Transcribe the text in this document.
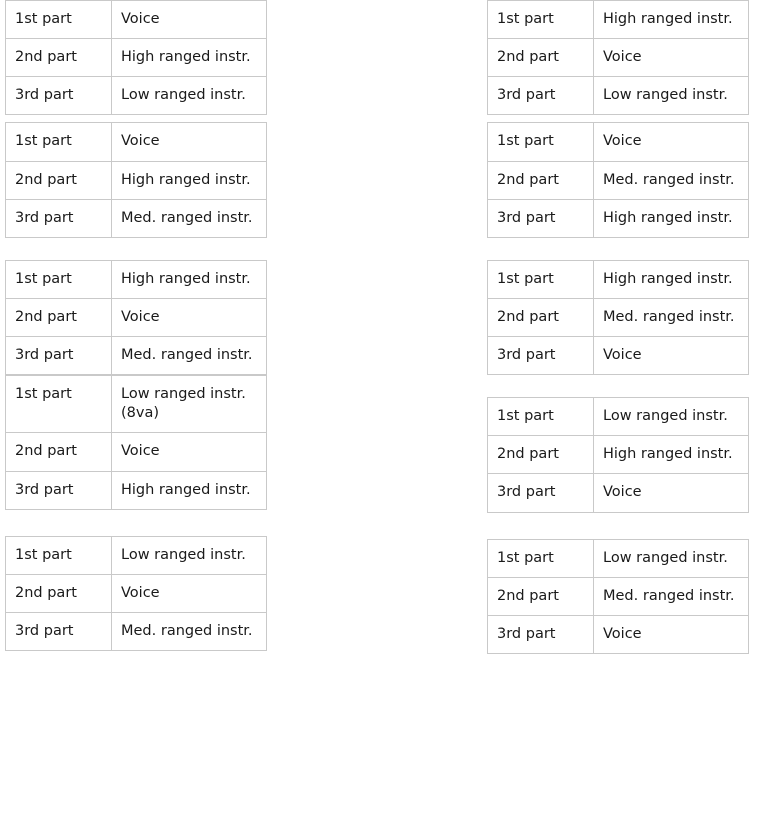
1st part	Voice
2nd part	High ranged instr.
3rd part	Low ranged instr.
1st part	Voice
2nd part	High ranged instr.
3rd part	Med. ranged instr.
1st part	High ranged instr.
2nd part	Voice
3rd part	Med. ranged instr.
1st part	Low ranged instr. (8va)
2nd part	Voice
3rd part	High ranged instr.
1st part	Low ranged instr.
2nd part	Voice
3rd part	Med. ranged instr.
1st part	High ranged instr.
2nd part	Voice
3rd part	Low ranged instr.
1st part	Voice
2nd part	Med. ranged instr.
3rd part	High ranged instr.
1st part	High ranged instr.
2nd part	Med. ranged instr.
3rd part	Voice
1st part	Low ranged instr.
2nd part	High ranged instr.
3rd part	Voice
1st part	Low ranged instr.
2nd part	Med. ranged instr.
3rd part	Voice
